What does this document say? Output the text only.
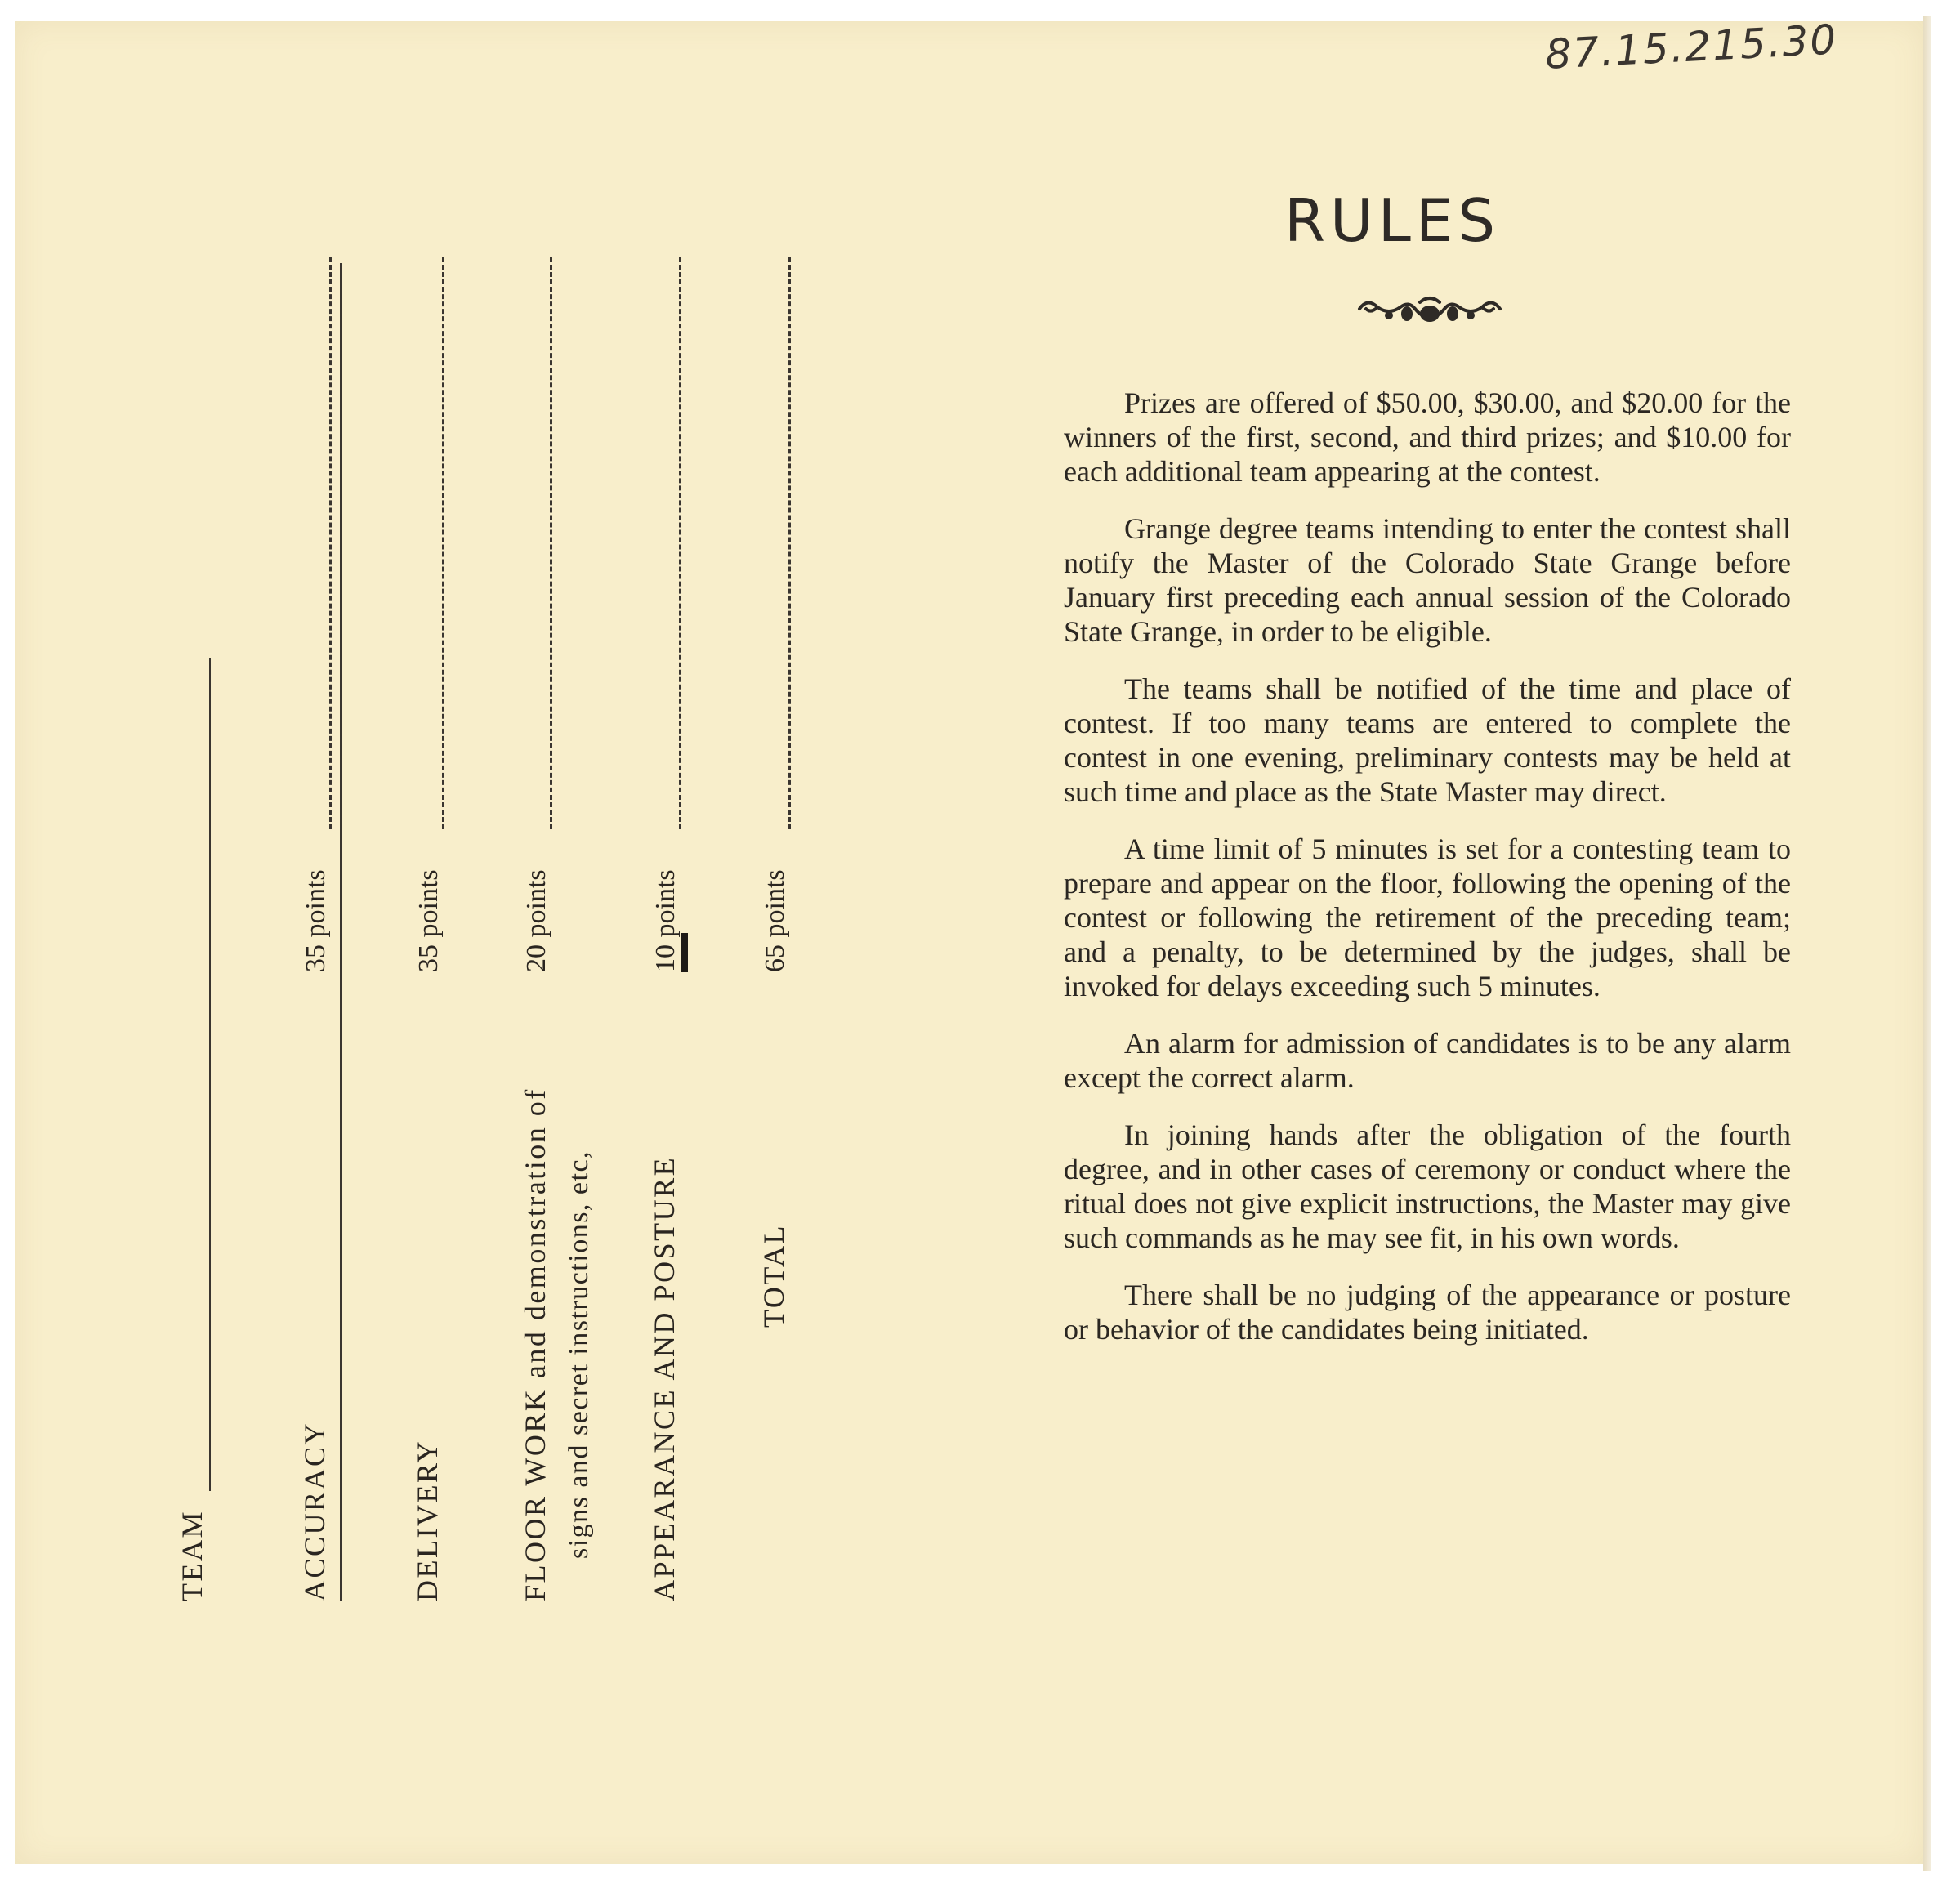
87.15.215.30
TEAM	ACCURACY
35 points
DELIVERY
35 points
FLOOR WORK and demonstration of
20 points
signs and secret instructions, etc, APPEARANCE AND POSTURE
10 points
TOTAL
65 points
RULES

Prizes are offered of $50.00, $30.00, and $20.00 for the winners of the first, second, and third prizes; and $10.00 for each additional team appearing at the contest.

Grange degree teams intending to enter the contest shall notify the Master of the Colorado State Grange before January first preceding each annual session of the Colorado State Grange, in order to be eligible.

The teams shall be notified of the time and place of contest. If too many teams are entered to complete the contest in one evening, preliminary contests may be held at such time and place as the State Master may direct.

A time limit of 5 minutes is set for a contesting team to prepare and appear on the floor, following the opening of the contest or following the retirement of the preceding team; and a penalty, to be determined by the judges, shall be invoked for delays exceeding such 5 minutes.

An alarm for admission of candidates is to be any alarm except the correct alarm.

In joining hands after the obligation of the fourth degree, and in other cases of ceremony or conduct where the ritual does not give explicit instructions, the Master may give such commands as he may see fit, in his own words.

There shall be no judging of the appearance or posture or behavior of the candidates being initiated.
